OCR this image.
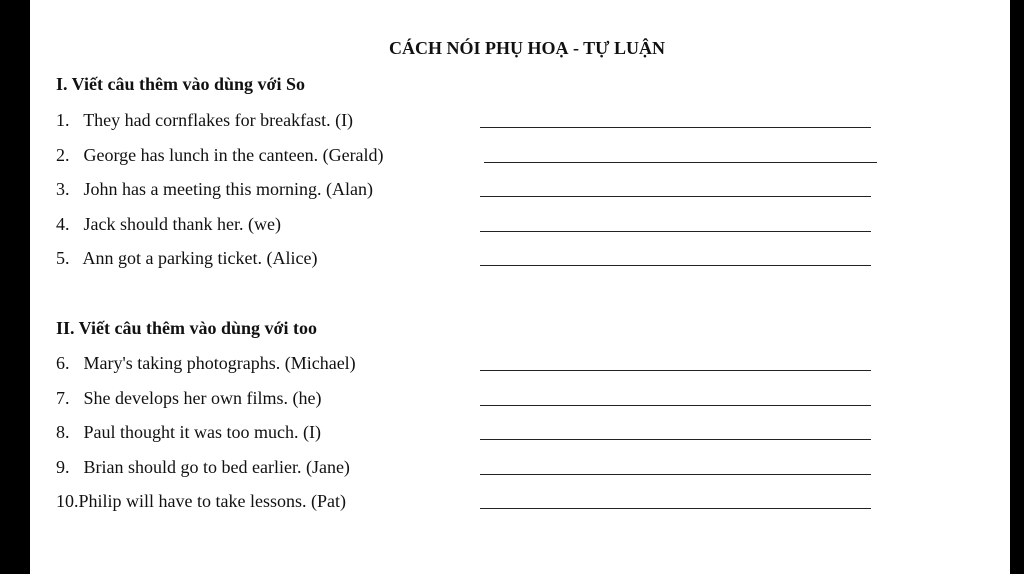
CÁCH NÓI PHỤ HOẠ - TỰ LUẬN
I. Viết câu thêm vào dùng với So
1. They had cornflakes for breakfast. (I)
2. George has lunch in the canteen. (Gerald)
3. John has a meeting this morning. (Alan)
4. Jack should thank her. (we)
5. Ann got a parking ticket. (Alice)
II. Viết câu thêm vào dùng với too
6. Mary's taking photographs. (Michael)
7. She develops her own films. (he)
8. Paul thought it was too much. (I)
9. Brian should go to bed earlier. (Jane)
10.Philip will have to take lessons. (Pat)
